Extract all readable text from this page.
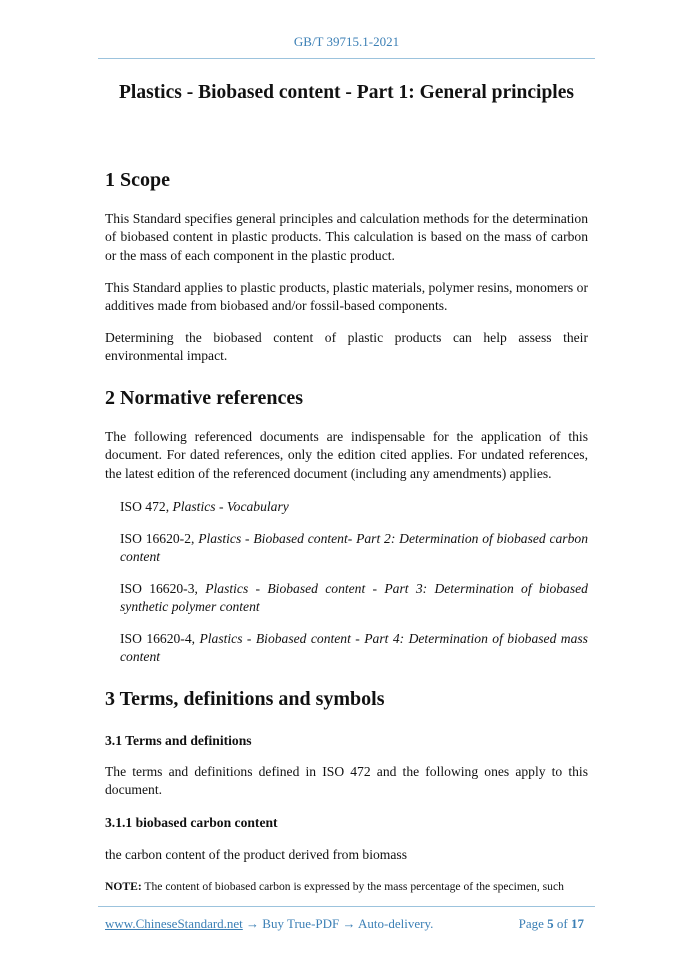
GB/T 39715.1-2021
Plastics - Biobased content - Part 1: General principles
1 Scope
This Standard specifies general principles and calculation methods for the determination of biobased content in plastic products. This calculation is based on the mass of carbon or the mass of each component in the plastic product.
This Standard applies to plastic products, plastic materials, polymer resins, monomers or additives made from biobased and/or fossil-based components.
Determining the biobased content of plastic products can help assess their environmental impact.
2 Normative references
The following referenced documents are indispensable for the application of this document. For dated references, only the edition cited applies. For undated references, the latest edition of the referenced document (including any amendments) applies.
ISO 472, Plastics - Vocabulary
ISO 16620-2, Plastics - Biobased content- Part 2: Determination of biobased carbon content
ISO 16620-3, Plastics - Biobased content - Part 3: Determination of biobased synthetic polymer content
ISO 16620-4, Plastics - Biobased content - Part 4: Determination of biobased mass content
3 Terms, definitions and symbols
3.1 Terms and definitions
The terms and definitions defined in ISO 472 and the following ones apply to this document.
3.1.1 biobased carbon content
the carbon content of the product derived from biomass
NOTE: The content of biobased carbon is expressed by the mass percentage of the specimen, such
www.ChineseStandard.net → Buy True-PDF → Auto-delivery.	Page 5 of 17
